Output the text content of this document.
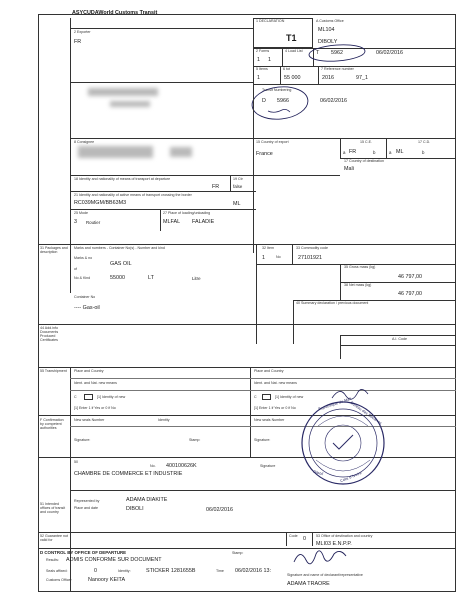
ASYCUDAWorld Customs Transit
1 DECLARATION
T1
A Customs Office
ML104
DIBOLY
2 Forms	4 Load List
1 1
T 5962	06/02/2016
5 Items	6 tot	7 Reference number
1	55 000	2016	97_1
Transit Numbering
D 5966	06/02/2016
2 Exporter
FR
8 Consignee	15 Country of export
France
15 C.E.
a FR	b
17 C.D.
a ML	b
17 Country of destination
Mali
18 Identity and nationality of means of transport at departure
FR
19 Ctr
false
21 Identity and nationality of active means of transport crossing the border
RC039MGM/BB63M3	ML
25 Mode
3 Routier
27 Place of loading/unloading
MLFAL FALADIE
31 Packages and description
Marks and numbers - Container No(s) - Number and kind	32 Item
1	No
33 Commodity code
27101921
35 Gross mass (kg)
46 797,00
38 Net mass (kg)
46 797,00
40 Summary declaration / previous document
Marks & no
GAS OIL
of
No & Kind	55000	LT	Litre
Container No
---- Gas-oil
44 Add.info Documents Produced Certificates	A.I. Code
55 Transhipment Place and Country	Place and Country
Ident. and Nat. new means	Ident. and Nat. new means
C	[1] Identity of new	C	[1] Identity of new
[1] Enter 1 if Yes or 0 if No	[1] Enter 1 if Yes or 0 if No
F Confirmation by competent authorities
New seals Number	Identity	New seals Number
Signature:	Stamp:	Signature:
50
No. 400100626K	Signature
CHAMBRE DE COMMERCE ET INDUSTRIE
Represented by	ADAMA DIAKITE
Place and date	DIBOLI	06/02/2016
51 Intended offices of transit and country
52 Guarantee not valid for
Code 0	53 Office of destination and country
MLI03 E.N.P.P.
D CONTROL BY OFFICE OF DEPARTURE	Stamp:
Results: ADMIS CONFORME SUR DOCUMENT
Seals affixed:	0	Identity:	STICKER 1281655B	Time 06/02/2016 13:
Customs Officer	Nanoory KEITA
Signature and name of declarant/representative
ADAMA TRAORE
Republique du Mali
Bureau des Douanes
Diboli	Cote d'Ivoire
